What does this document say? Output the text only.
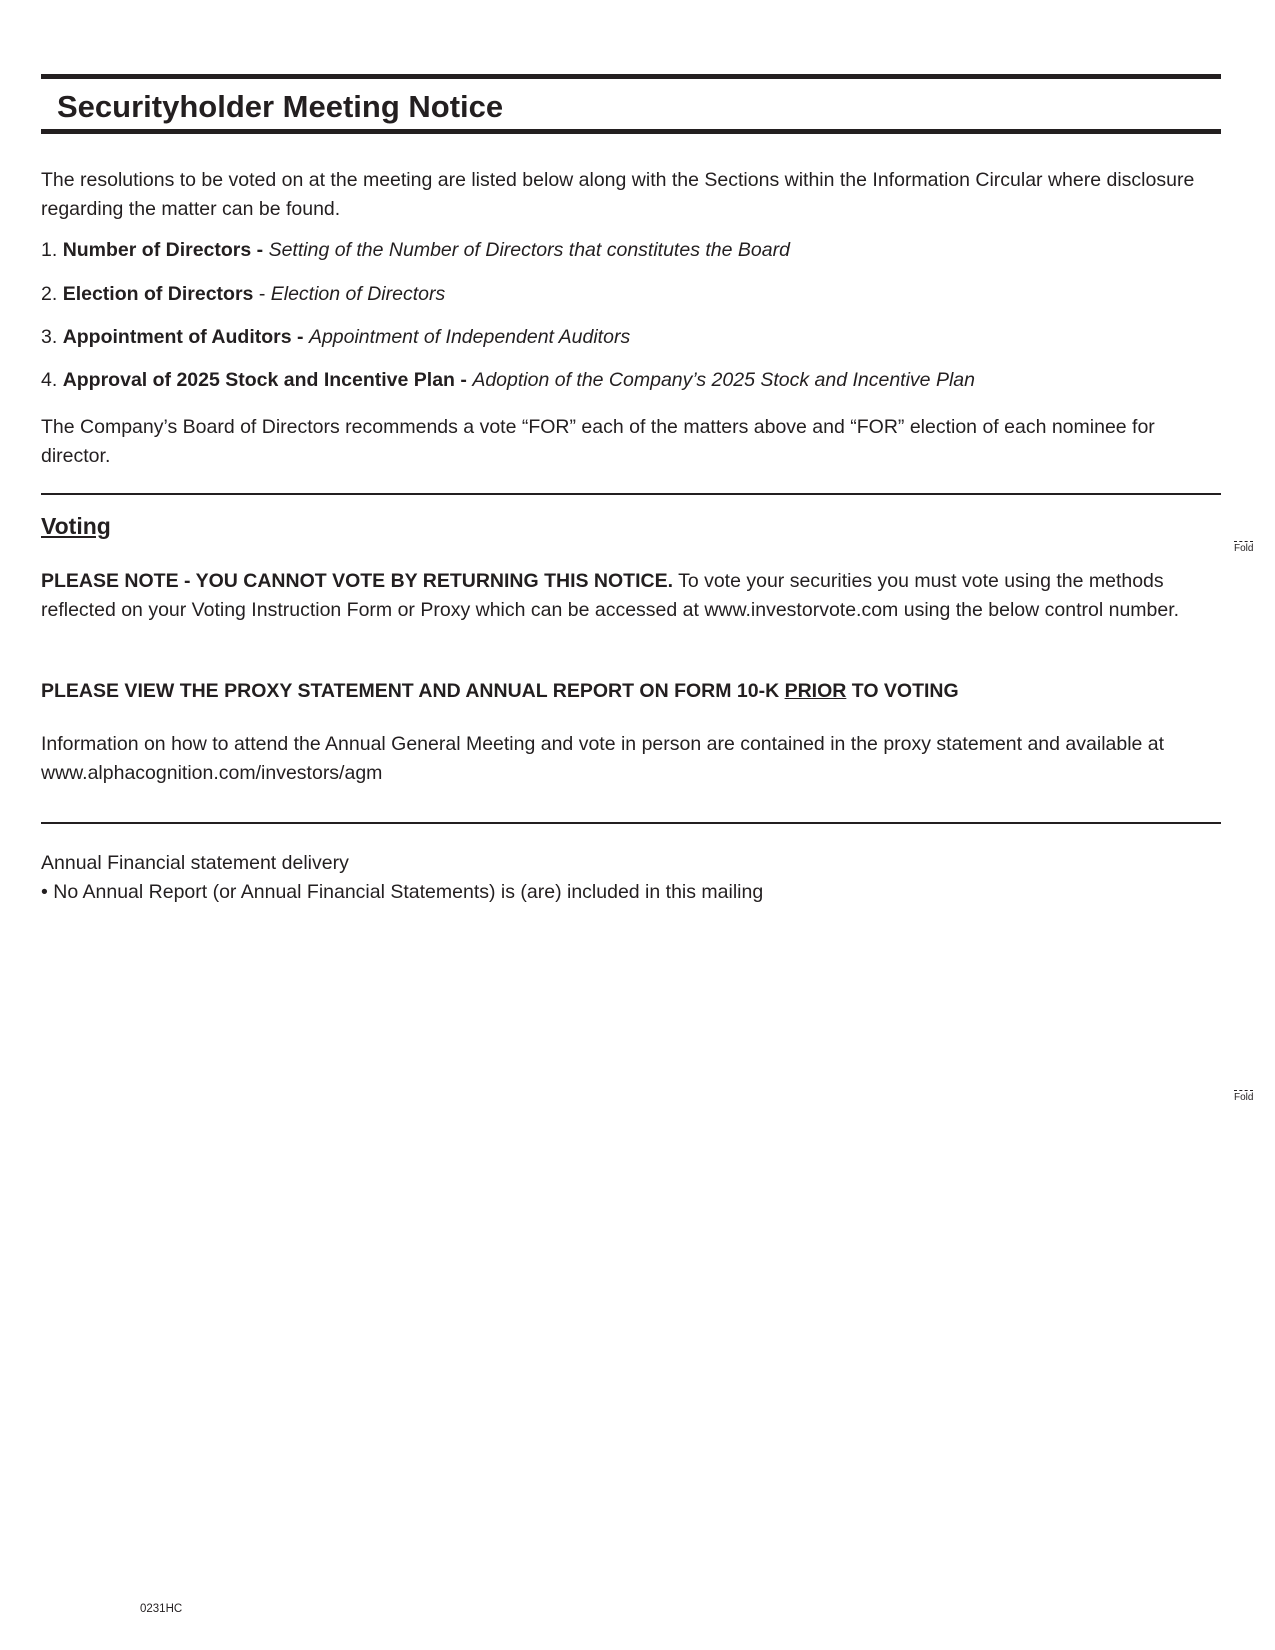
Securityholder Meeting Notice

The resolutions to be voted on at the meeting are listed below along with the Sections within the Information Circular where disclosure regarding the matter can be found.

1. Number of Directors - Setting of the Number of Directors that constitutes the Board

2. Election of Directors - Election of Directors

3. Appointment of Auditors - Appointment of Independent Auditors

4. Approval of 2025 Stock and Incentive Plan - Adoption of the Company’s 2025 Stock and Incentive Plan

The Company’s Board of Directors recommends a vote “FOR” each of the matters above and “FOR” election of each nominee for director.

Voting

PLEASE NOTE - YOU CANNOT VOTE BY RETURNING THIS NOTICE. To vote your securities you must vote using the methods reflected on your Voting Instruction Form or Proxy which can be accessed at www.investorvote.com using the below control number.

PLEASE VIEW THE PROXY STATEMENT AND ANNUAL REPORT ON FORM 10-K PRIOR TO VOTING

Information on how to attend the Annual General Meeting and vote in person are contained in the proxy statement and available at www.alphacognition.com/investors/agm

Annual Financial statement delivery

• No Annual Report (or Annual Financial Statements) is (are) included in this mailing

Fold
Fold
0231HC
